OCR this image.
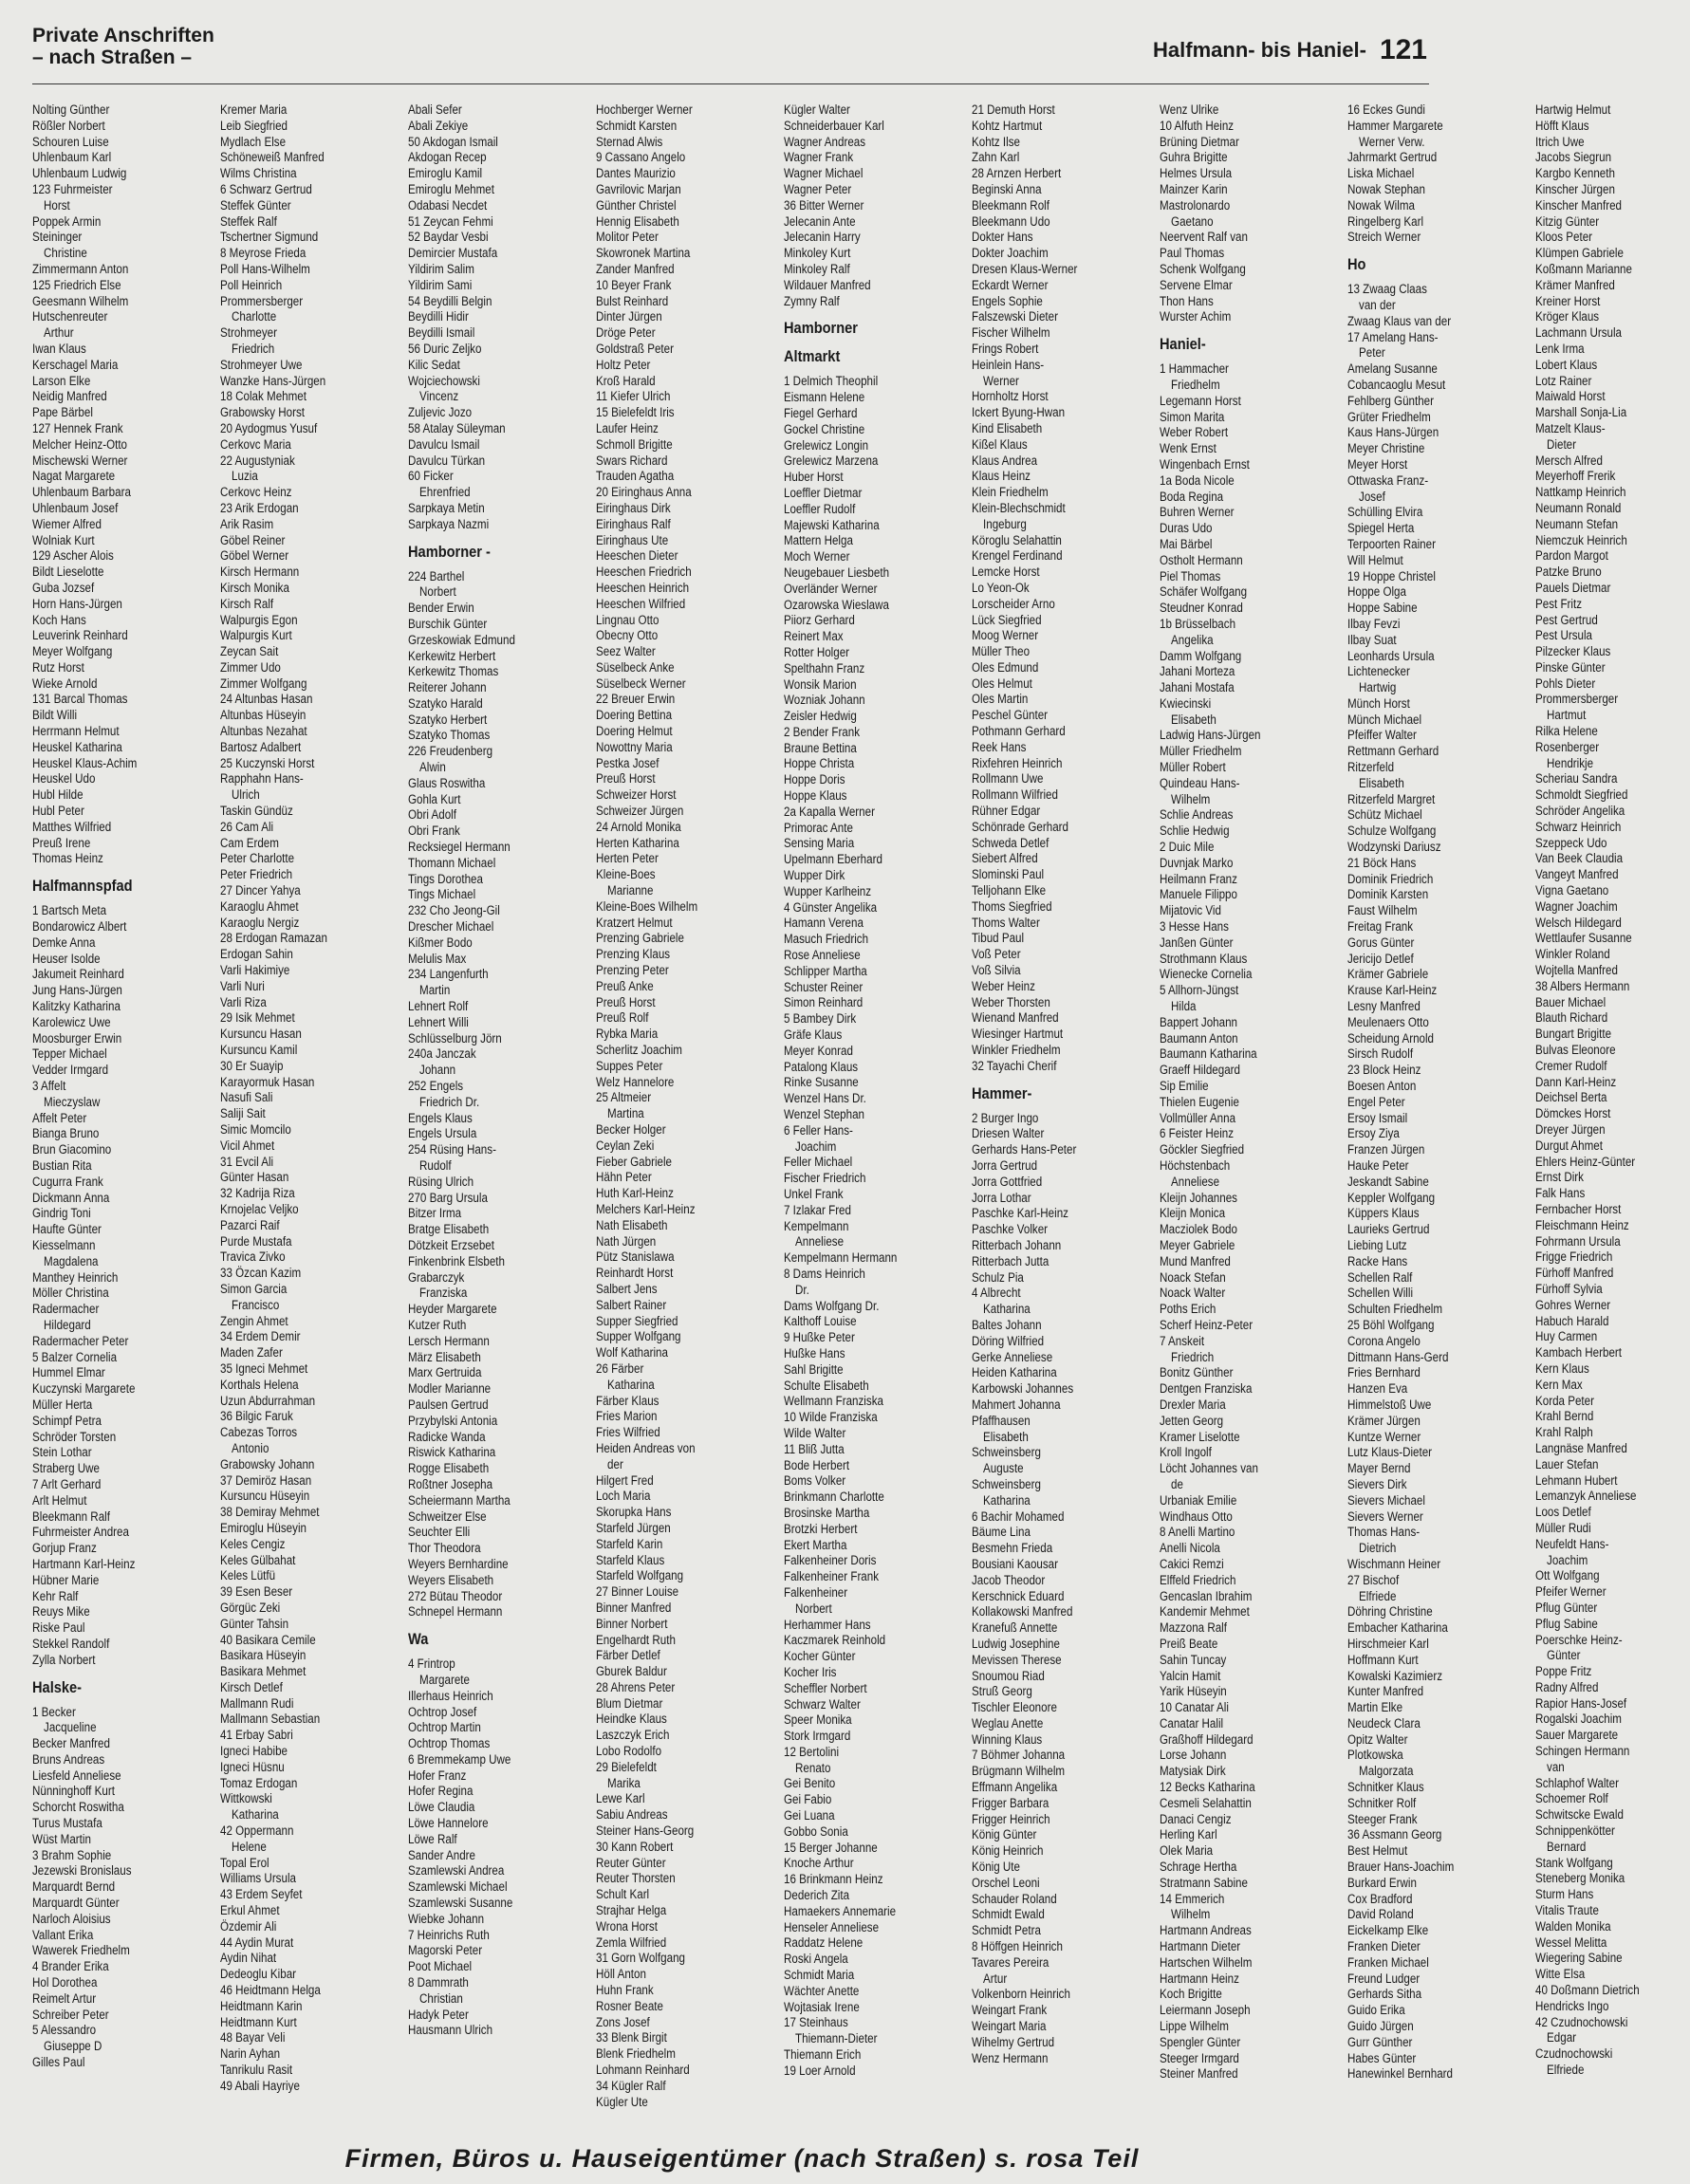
Private Anschriften
– nach Straßen –	Halfmann- bis Haniel- 121
Nolting Günther
Rößler Norbert
Schouren Luise
Uhlenbaum Karl
Uhlenbaum Ludwig
123 Fuhrmeister
Horst
Poppek Armin
Steininger
Christine
Zimmermann Anton
125 Friedrich Else
Geesmann Wilhelm
Hutschenreuter
Arthur
Iwan Klaus
Kerschagel Maria
Larson Elke
Neidig Manfred
Pape Bärbel
127 Hennek Frank
Melcher Heinz-Otto
Mischewski Werner
Nagat Margarete
Uhlenbaum Barbara
Uhlenbaum Josef
Wiemer Alfred
Wolniak Kurt
129 Ascher Alois
Bildt Lieselotte
Guba Jozsef
Horn Hans-Jürgen
Koch Hans
Leuverink Reinhard
Meyer Wolfgang
Rutz Horst
Wieke Arnold
131 Barcal Thomas
Bildt Willi
Herrmann Helmut
Heuskel Katharina
Heuskel Klaus-Achim
Heuskel Udo
Hubl Hilde
Hubl Peter
Matthes Wilfried
Preuß Irene
Thomas Heinz
Halfmannspfad
1 Bartsch Meta
Bondarowicz Albert
Demke Anna
Heuser Isolde
Jakumeit Reinhard
Jung Hans-Jürgen
Kalitzky Katharina
Karolewicz Uwe
Moosburger Erwin
Tepper Michael
Vedder Irmgard
3 Affelt
Mieczyslaw
Affelt Peter
Bianga Bruno
Brun Giacomino
Bustian Rita
Cugurra Frank
Dickmann Anna
Gindrig Toni
Haufte Günter
Kiesselmann
Magdalena
Manthey Heinrich
Möller Christina
Radermacher
Hildegard
Radermacher Peter
5 Balzer Cornelia
Hummel Elmar
Kuczynski Margarete
Müller Herta
Schimpf Petra
Schröder Torsten
Stein Lothar
Straberg Uwe
7 Arlt Gerhard
Arlt Helmut
Bleekmann Ralf
Fuhrmeister Andrea
Gorjup Franz
Hartmann Karl-Heinz
Hübner Marie
Kehr Ralf
Reuys Mike
Riske Paul
Stekkel Randolf
Zylla Norbert
Halske-
1 Becker
Jacqueline
Becker Manfred
Bruns Andreas
Liesfeld Anneliese
Nünninghoff Kurt
Schorcht Roswitha
Turus Mustafa
Wüst Martin
3 Brahm Sophie
Jezewski Bronislaus
Marquardt Bernd
Marquardt Günter
Narloch Aloisius
Vallant Erika
Wawerek Friedhelm
4 Brander Erika
Hol Dorothea
Reimelt Artur
Schreiber Peter
5 Alessandro
Giuseppe D
Gilles Paul
Kremer Maria
Leib Siegfried
Mydlach Else
Schöneweiß Manfred
Wilms Christina
6 Schwarz Gertrud
Steffek Günter
Steffek Ralf
Tschertner Sigmund
8 Meyrose Frieda
Poll Hans-Wilhelm
Poll Heinrich
Prommersberger
Charlotte
Strohmeyer
Friedrich
Strohmeyer Uwe
Wanzke Hans-Jürgen
18 Colak Mehmet
Grabowsky Horst
20 Aydogmus Yusuf
Cerkovc Maria
22 Augustyniak
Luzia
Cerkovc Heinz
23 Arik Erdogan
Arik Rasim
Göbel Reiner
Göbel Werner
Kirsch Hermann
Kirsch Monika
Kirsch Ralf
Walpurgis Egon
Walpurgis Kurt
Zeycan Sait
Zimmer Udo
Zimmer Wolfgang
24 Altunbas Hasan
Altunbas Hüseyin
Altunbas Nezahat
Bartosz Adalbert
25 Kuczynski Horst
Rapphahn Hans-
Ulrich
Taskin Gündüz
26 Cam Ali
Cam Erdem
Peter Charlotte
Peter Friedrich
27 Dincer Yahya
Karaoglu Ahmet
Karaoglu Nergiz
28 Erdogan Ramazan
Erdogan Sahin
Varli Hakimiye
Varli Nuri
Varli Riza
29 Isik Mehmet
Kursuncu Hasan
Kursuncu Kamil
30 Er Suayip
Karayormuk Hasan
Nasufi Sali
Saliji Sait
Simic Momcilo
Vicil Ahmet
31 Evcil Ali
Günter Hasan
32 Kadrija Riza
Krnojelac Veljko
Pazarci Raif
Purde Mustafa
Travica Zivko
33 Özcan Kazim
Simon Garcia
Francisco
Zengin Ahmet
34 Erdem Demir
Maden Zafer
35 Igneci Mehmet
Korthals Helena
Uzun Abdurrahman
36 Bilgic Faruk
Cabezas Torros
Antonio
Grabowsky Johann
37 Demiröz Hasan
Kursuncu Hüseyin
38 Demiray Mehmet
Emiroglu Hüseyin
Keles Cengiz
Keles Gülbahat
Keles Lütfü
39 Esen Beser
Görgüc Zeki
Günter Tahsin
40 Basikara Cemile
Basikara Hüseyin
Basikara Mehmet
Kirsch Detlef
Mallmann Rudi
Mallmann Sebastian
41 Erbay Sabri
Igneci Habibe
Igneci Hüsnu
Tomaz Erdogan
Wittkowski
Katharina
42 Oppermann
Helene
Topal Erol
Williams Ursula
43 Erdem Seyfet
Erkul Ahmet
Özdemir Ali
44 Aydin Murat
Aydin Nihat
Dedeoglu Kibar
46 Heidtmann Helga
Heidtmann Karin
Heidtmann Kurt
48 Bayar Veli
Narin Ayhan
Tanrikulu Rasit
49 Abali Hayriye
Abali Sefer
Abali Zekiye
50 Akdogan Ismail
Akdogan Recep
Emiroglu Kamil
Emiroglu Mehmet
Odabasi Necdet
51 Zeycan Fehmi
52 Baydar Vesbi
Demircier Mustafa
Yildirim Salim
Yildirim Sami
54 Beydilli Belgin
Beydilli Hidir
Beydilli Ismail
56 Duric Zeljko
Kilic Sedat
Wojciechowski
Vincenz
Zuljevic Jozo
58 Atalay Süleyman
Davulcu Ismail
Davulcu Türkan
60 Ficker
Ehrenfried
Sarpkaya Metin
Sarpkaya Nazmi
Hamborner -
224 Barthel
Norbert
Bender Erwin
Burschik Günter
Grzeskowiak Edmund
Kerkewitz Herbert
Kerkewitz Thomas
Reiterer Johann
Szatyko Harald
Szatyko Herbert
Szatyko Thomas
226 Freudenberg
Alwin
Glaus Roswitha
Gohla Kurt
Obri Adolf
Obri Frank
Recksiegel Hermann
Thomann Michael
Tings Dorothea
Tings Michael
232 Cho Jeong-Gil
Drescher Michael
Kißmer Bodo
Melulis Max
234 Langenfurth
Martin
Lehnert Rolf
Lehnert Willi
Schlüsselburg Jörn
240a Janczak
Johann
252 Engels
Friedrich Dr.
Engels Klaus
Engels Ursula
254 Rüsing Hans-
Rudolf
Rüsing Ulrich
270 Barg Ursula
Bitzer Irma
Bratge Elisabeth
Dötzkeit Erzsebet
Finkenbrink Elsbeth
Grabarczyk
Franziska
Heyder Margarete
Kutzer Ruth
Lersch Hermann
März Elisabeth
Marx Gertruida
Modler Marianne
Paulsen Gertrud
Przybylski Antonia
Radicke Wanda
Riswick Katharina
Rogge Elisabeth
Roßtner Josepha
Scheiermann Martha
Schweitzer Else
Seuchter Elli
Thor Theodora
Weyers Bernhardine
Weyers Elisabeth
272 Bütau Theodor
Schnepel Hermann
Wa
4 Frintrop
Margarete
Illerhaus Heinrich
Ochtrop Josef
Ochtrop Martin
Ochtrop Thomas
6 Bremmekamp Uwe
Hofer Franz
Hofer Regina
Löwe Claudia
Löwe Hannelore
Löwe Ralf
Sander Andre
Szamlewski Andrea
Szamlewski Michael
Szamlewski Susanne
Wiebke Johann
7 Heinrichs Ruth
Magorski Peter
Poot Michael
8 Dammrath
Christian
Hadyk Peter
Hausmann Ulrich
Hochberger Werner
Schmidt Karsten
Sternad Alwis
9 Cassano Angelo
Dantes Maurizio
Gavrilovic Marjan
Günther Christel
Hennig Elisabeth
Molitor Peter
Skowronek Martina
Zander Manfred
10 Beyer Frank
Bulst Reinhard
Dinter Jürgen
Dröge Peter
Goldstraß Peter
Holtz Peter
Kroß Harald
11 Kiefer Ulrich
15 Bielefeldt Iris
Laufer Heinz
Schmoll Brigitte
Swars Richard
Trauden Agatha
20 Eiringhaus Anna
Eiringhaus Dirk
Eiringhaus Ralf
Eiringhaus Ute
Heeschen Dieter
Heeschen Friedrich
Heeschen Heinrich
Heeschen Wilfried
Lingnau Otto
Obecny Otto
Seez Walter
Süselbeck Anke
Süselbeck Werner
22 Breuer Erwin
Doering Bettina
Doering Helmut
Nowottny Maria
Pestka Josef
Preuß Horst
Schweizer Horst
Schweizer Jürgen
24 Arnold Monika
Herten Katharina
Herten Peter
Kleine-Boes
Marianne
Kleine-Boes Wilhelm
Kratzert Helmut
Prenzing Gabriele
Prenzing Klaus
Prenzing Peter
Preuß Anke
Preuß Horst
Preuß Rolf
Rybka Maria
Scherlitz Joachim
Suppes Peter
Welz Hannelore
25 Altmeier
Martina
Becker Holger
Ceylan Zeki
Fieber Gabriele
Hähn Peter
Huth Karl-Heinz
Melchers Karl-Heinz
Nath Elisabeth
Nath Jürgen
Pütz Stanislawa
Reinhardt Horst
Salbert Jens
Salbert Rainer
Supper Siegfried
Supper Wolfgang
Wolf Katharina
26 Färber
Katharina
Färber Klaus
Fries Marion
Fries Wilfried
Heiden Andreas von
der
Hilgert Fred
Loch Maria
Skorupka Hans
Starfeld Jürgen
Starfeld Karin
Starfeld Klaus
Starfeld Wolfgang
27 Binner Louise
Binner Manfred
Binner Norbert
Engelhardt Ruth
Färber Detlef
Gburek Baldur
28 Ahrens Peter
Blum Dietmar
Heindke Klaus
Laszczyk Erich
Lobo Rodolfo
29 Bielefeldt
Marika
Lewe Karl
Sabiu Andreas
Steiner Hans-Georg
30 Kann Robert
Reuter Günter
Reuter Thorsten
Schult Karl
Strajhar Helga
Wrona Horst
Zemla Wilfried
31 Gorn Wolfgang
Höll Anton
Huhn Frank
Rosner Beate
Zons Josef
33 Blenk Birgit
Blenk Friedhelm
Lohmann Reinhard
34 Kügler Ralf
Kügler Ute
Kügler Walter
Schneiderbauer Karl
Wagner Andreas
Wagner Frank
Wagner Michael
Wagner Peter
36 Bitter Werner
Jelecanin Ante
Jelecanin Harry
Minkoley Kurt
Minkoley Ralf
Wildauer Manfred
Zymny Ralf
Hamborner
Altmarkt
1 Delmich Theophil
Eismann Helene
Fiegel Gerhard
Gockel Christine
Grelewicz Longin
Grelewicz Marzena
Huber Horst
Loeffler Dietmar
Loeffler Rudolf
Majewski Katharina
Mattern Helga
Moch Werner
Neugebauer Liesbeth
Overländer Werner
Ozarowska Wieslawa
Piiorz Gerhard
Reinert Max
Rotter Holger
Spelthahn Franz
Wonsik Marion
Wozniak Johann
Zeisler Hedwig
2 Bender Frank
Braune Bettina
Hoppe Christa
Hoppe Doris
Hoppe Klaus
2a Kapalla Werner
Primorac Ante
Sensing Maria
Upelmann Eberhard
Wupper Dirk
Wupper Karlheinz
4 Günster Angelika
Hamann Verena
Masuch Friedrich
Rose Anneliese
Schlipper Martha
Schuster Reiner
Simon Reinhard
5 Bambey Dirk
Gräfe Klaus
Meyer Konrad
Patalong Klaus
Rinke Susanne
Wenzel Hans Dr.
Wenzel Stephan
6 Feller Hans-
Joachim
Feller Michael
Fischer Friedrich
Unkel Frank
7 Izlakar Fred
Kempelmann
Anneliese
Kempelmann Hermann
8 Dams Heinrich
Dr.
Dams Wolfgang Dr.
Kalthoff Louise
9 Hußke Peter
Hußke Hans
Sahl Brigitte
Schulte Elisabeth
Wellmann Franziska
10 Wilde Franziska
Wilde Walter
11 Bliß Jutta
Bode Herbert
Boms Volker
Brinkmann Charlotte
Brosinske Martha
Brotzki Herbert
Ekert Martha
Falkenheiner Doris
Falkenheiner Frank
Falkenheiner
Norbert
Herhammer Hans
Kaczmarek Reinhold
Kocher Günter
Kocher Iris
Scheffler Norbert
Schwarz Walter
Speer Monika
Stork Irmgard
12 Bertolini
Renato
Gei Benito
Gei Fabio
Gei Luana
Gobbo Sonia
15 Berger Johanne
Knoche Arthur
16 Brinkmann Heinz
Dederich Zita
Hamaekers Annemarie
Henseler Anneliese
Raddatz Helene
Roski Angela
Schmidt Maria
Wächter Anette
Wojtasiak Irene
17 Steinhaus
Thiemann-Dieter
Thiemann Erich
19 Loer Arnold
21 Demuth Horst
Kohtz Hartmut
Kohtz Ilse
Zahn Karl
28 Arnzen Herbert
Beginski Anna
Bleekmann Rolf
Bleekmann Udo
Dokter Hans
Dokter Joachim
Dresen Klaus-Werner
Eckardt Werner
Engels Sophie
Falszewski Dieter
Fischer Wilhelm
Frings Robert
Heinlein Hans-
Werner
Hornholtz Horst
Ickert Byung-Hwan
Kind Elisabeth
Kißel Klaus
Klaus Andrea
Klaus Heinz
Klein Friedhelm
Klein-Blechschmidt
Ingeburg
Köroglu Selahattin
Krengel Ferdinand
Lemcke Horst
Lo Yeon-Ok
Lorscheider Arno
Lück Siegfried
Moog Werner
Müller Theo
Oles Edmund
Oles Helmut
Oles Martin
Peschel Günter
Pothmann Gerhard
Reek Hans
Rixfehren Heinrich
Rollmann Uwe
Rollmann Wilfried
Rühner Edgar
Schönrade Gerhard
Schweda Detlef
Siebert Alfred
Slominski Paul
Telljohann Elke
Thoms Siegfried
Thoms Walter
Tibud Paul
Voß Peter
Voß Silvia
Weber Heinz
Weber Thorsten
Wienand Manfred
Wiesinger Hartmut
Winkler Friedhelm
32 Tayachi Cherif
Hammer-
2 Burger Ingo
Driesen Walter
Gerhards Hans-Peter
Jorra Gertrud
Jorra Gottfried
Jorra Lothar
Paschke Karl-Heinz
Paschke Volker
Ritterbach Johann
Ritterbach Jutta
Schulz Pia
4 Albrecht
Katharina
Baltes Johann
Döring Wilfried
Gerke Anneliese
Heiden Katharina
Karbowski Johannes
Mahmert Johanna
Pfaffhausen
Elisabeth
Schweinsberg
Auguste
Schweinsberg
Katharina
6 Bachir Mohamed
Bäume Lina
Besmehn Frieda
Bousiani Kaousar
Jacob Theodor
Kerschnick Eduard
Kollakowski Manfred
Kranefuß Annette
Ludwig Josephine
Mevissen Therese
Snoumou Riad
Struß Georg
Tischler Eleonore
Weglau Anette
Winning Klaus
7 Böhmer Johanna
Brügmann Wilhelm
Effmann Angelika
Frigger Barbara
Frigger Heinrich
König Günter
König Heinrich
König Ute
Orschel Leoni
Schauder Roland
Schmidt Ewald
Schmidt Petra
8 Höffgen Heinrich
Tavares Pereira
Artur
Volkenborn Heinrich
Weingart Frank
Weingart Maria
Wihelmy Gertrud
Wenz Hermann
Wenz Ulrike
10 Alfuth Heinz
Brüning Dietmar
Guhra Brigitte
Helmes Ursula
Mainzer Karin
Mastrolonardo
Gaetano
Neervent Ralf van
Paul Thomas
Schenk Wolfgang
Servene Elmar
Thon Hans
Wurster Achim
Haniel-
1 Hammacher
Friedhelm
Legemann Horst
Simon Marita
Weber Robert
Wenk Ernst
Wingenbach Ernst
1a Boda Nicole
Boda Regina
Buhren Werner
Duras Udo
Mai Bärbel
Ostholt Hermann
Piel Thomas
Schäfer Wolfgang
Steudner Konrad
1b Brüsselbach
Angelika
Damm Wolfgang
Jahani Morteza
Jahani Mostafa
Kwiecinski
Elisabeth
Ladwig Hans-Jürgen
Müller Friedhelm
Müller Robert
Quindeau Hans-
Wilhelm
Schlie Andreas
Schlie Hedwig
2 Duic Mile
Duvnjak Marko
Heilmann Franz
Manuele Filippo
Mijatovic Vid
3 Hesse Hans
Janßen Günter
Strothmann Klaus
Wienecke Cornelia
5 Allhorn-Jüngst
Hilda
Bappert Johann
Baumann Anton
Baumann Katharina
Graeff Hildegard
Sip Emilie
Thielen Eugenie
Vollmüller Anna
6 Feister Heinz
Göckler Siegfried
Höchstenbach
Anneliese
Kleijn Johannes
Kleijn Monica
Macziolek Bodo
Meyer Gabriele
Mund Manfred
Noack Stefan
Noack Walter
Poths Erich
Scherf Heinz-Peter
7 Anskeit
Friedrich
Bonitz Günther
Dentgen Franziska
Drexler Maria
Jetten Georg
Kramer Liselotte
Kroll Ingolf
Löcht Johannes van
de
Urbaniak Emilie
Windhaus Otto
8 Anelli Martino
Anelli Nicola
Cakici Remzi
Elffeld Friedrich
Gencaslan Ibrahim
Kandemir Mehmet
Mazzona Ralf
Preiß Beate
Sahin Tuncay
Yalcin Hamit
Yarik Hüseyin
10 Canatar Ali
Canatar Halil
Graßhoff Hildegard
Lorse Johann
Matysiak Dirk
12 Becks Katharina
Cesmeli Selahattin
Danaci Cengiz
Herling Karl
Olek Maria
Schrage Hertha
Stratmann Sabine
14 Emmerich
Wilhelm
Hartmann Andreas
Hartmann Dieter
Hartschen Wilhelm
Hartmann Heinz
Koch Brigitte
Leiermann Joseph
Lippe Wilhelm
Spengler Günter
Steeger Irmgard
Steiner Manfred
16 Eckes Gundi
Hammer Margarete
Werner Verw.
Jahrmarkt Gertrud
Liska Michael
Nowak Stephan
Nowak Wilma
Ringelberg Karl
Streich Werner
Ho
13 Zwaag Claas
van der
Zwaag Klaus van der
17 Amelang Hans-
Peter
Amelang Susanne
Cobancaoglu Mesut
Fehlberg Günther
Grüter Friedhelm
Kaus Hans-Jürgen
Meyer Christine
Meyer Horst
Ottwaska Franz-
Josef
Schülling Elvira
Spiegel Herta
Terpoorten Rainer
Will Helmut
19 Hoppe Christel
Hoppe Olga
Hoppe Sabine
Ilbay Fevzi
Ilbay Suat
Leonhards Ursula
Lichtenecker
Hartwig
Münch Horst
Münch Michael
Pfeiffer Walter
Rettmann Gerhard
Ritzerfeld
Elisabeth
Ritzerfeld Margret
Schütz Michael
Schulze Wolfgang
Wodzynski Dariusz
21 Böck Hans
Dominik Friedrich
Dominik Karsten
Faust Wilhelm
Freitag Frank
Gorus Günter
Jericijo Detlef
Krämer Gabriele
Krause Karl-Heinz
Lesny Manfred
Meulenaers Otto
Scheidung Arnold
Sirsch Rudolf
23 Block Heinz
Boesen Anton
Engel Peter
Ersoy Ismail
Ersoy Ziya
Franzen Jürgen
Hauke Peter
Jeskandt Sabine
Keppler Wolfgang
Küppers Klaus
Laurieks Gertrud
Liebing Lutz
Racke Hans
Schellen Ralf
Schellen Willi
Schulten Friedhelm
25 Böhl Wolfgang
Corona Angelo
Dittmann Hans-Gerd
Fries Bernhard
Hanzen Eva
Himmelstoß Uwe
Krämer Jürgen
Kuntze Werner
Lutz Klaus-Dieter
Mayer Bernd
Sievers Dirk
Sievers Michael
Sievers Werner
Thomas Hans-
Dietrich
Wischmann Heiner
27 Bischof
Elfriede
Döhring Christine
Embacher Katharina
Hirschmeier Karl
Hoffmann Kurt
Kowalski Kazimierz
Kunter Manfred
Martin Elke
Neudeck Clara
Opitz Walter
Plotkowska
Malgorzata
Schnitker Klaus
Schnitker Rolf
Steeger Frank
36 Assmann Georg
Best Helmut
Brauer Hans-Joachim
Burkard Erwin
Cox Bradford
David Roland
Eickelkamp Elke
Franken Dieter
Franken Michael
Freund Ludger
Gerhards Sitha
Guido Erika
Guido Jürgen
Gurr Günther
Habes Günter
Hanewinkel Bernhard
Hartwig Helmut
Höfft Klaus
Itrich Uwe
Jacobs Siegrun
Kargbo Kenneth
Kinscher Jürgen
Kinscher Manfred
Kitzig Günter
Kloos Peter
Klümpen Gabriele
Koßmann Marianne
Krämer Manfred
Kreiner Horst
Kröger Klaus
Lachmann Ursula
Lenk Irma
Lobert Klaus
Lotz Rainer
Maiwald Horst
Marshall Sonja-Lia
Matzelt Klaus-
Dieter
Mersch Alfred
Meyerhoff Frerik
Nattkamp Heinrich
Neumann Ronald
Neumann Stefan
Niemczuk Heinrich
Pardon Margot
Patzke Bruno
Pauels Dietmar
Pest Fritz
Pest Gertrud
Pest Ursula
Pilzecker Klaus
Pinske Günter
Pohls Dieter
Prommersberger
Hartmut
Rilka Helene
Rosenberger
Hendrikje
Scheriau Sandra
Schmoldt Siegfried
Schröder Angelika
Schwarz Heinrich
Szeppeck Udo
Van Beek Claudia
Vangeyt Manfred
Vigna Gaetano
Wagner Joachim
Welsch Hildegard
Wettlaufer Susanne
Winkler Roland
Wojtella Manfred
38 Albers Hermann
Bauer Michael
Blauth Richard
Bungart Brigitte
Bulvas Eleonore
Cremer Rudolf
Dann Karl-Heinz
Deichsel Berta
Dömckes Horst
Dreyer Jürgen
Durgut Ahmet
Ehlers Heinz-Günter
Ernst Dirk
Falk Hans
Fernbacher Horst
Fleischmann Heinz
Fohrmann Ursula
Frigge Friedrich
Fürhoff Manfred
Fürhoff Sylvia
Gohres Werner
Habuch Harald
Huy Carmen
Kambach Herbert
Kern Klaus
Kern Max
Korda Peter
Krahl Bernd
Krahl Ralph
Langnäse Manfred
Lauer Stefan
Lehmann Hubert
Lemanzyk Anneliese
Loos Detlef
Müller Rudi
Neufeldt Hans-
Joachim
Ott Wolfgang
Pfeifer Werner
Pflug Günter
Pflug Sabine
Poerschke Heinz-
Günter
Poppe Fritz
Radny Alfred
Rapior Hans-Josef
Rogalski Joachim
Sauer Margarete
Schingen Hermann
van
Schlaphof Walter
Schoemer Rolf
Schwitscke Ewald
Schnippenkötter
Bernard
Stank Wolfgang
Steneberg Monika
Sturm Hans
Vitalis Traute
Walden Monika
Wessel Melitta
Wiegering Sabine
Witte Elsa
40 Doßmann Dietrich
Hendricks Ingo
42 Czudnochowski
Edgar
Czudnochowski
Elfriede
Firmen, Büros u. Hauseigentümer (nach Straßen) s. rosa Teil
